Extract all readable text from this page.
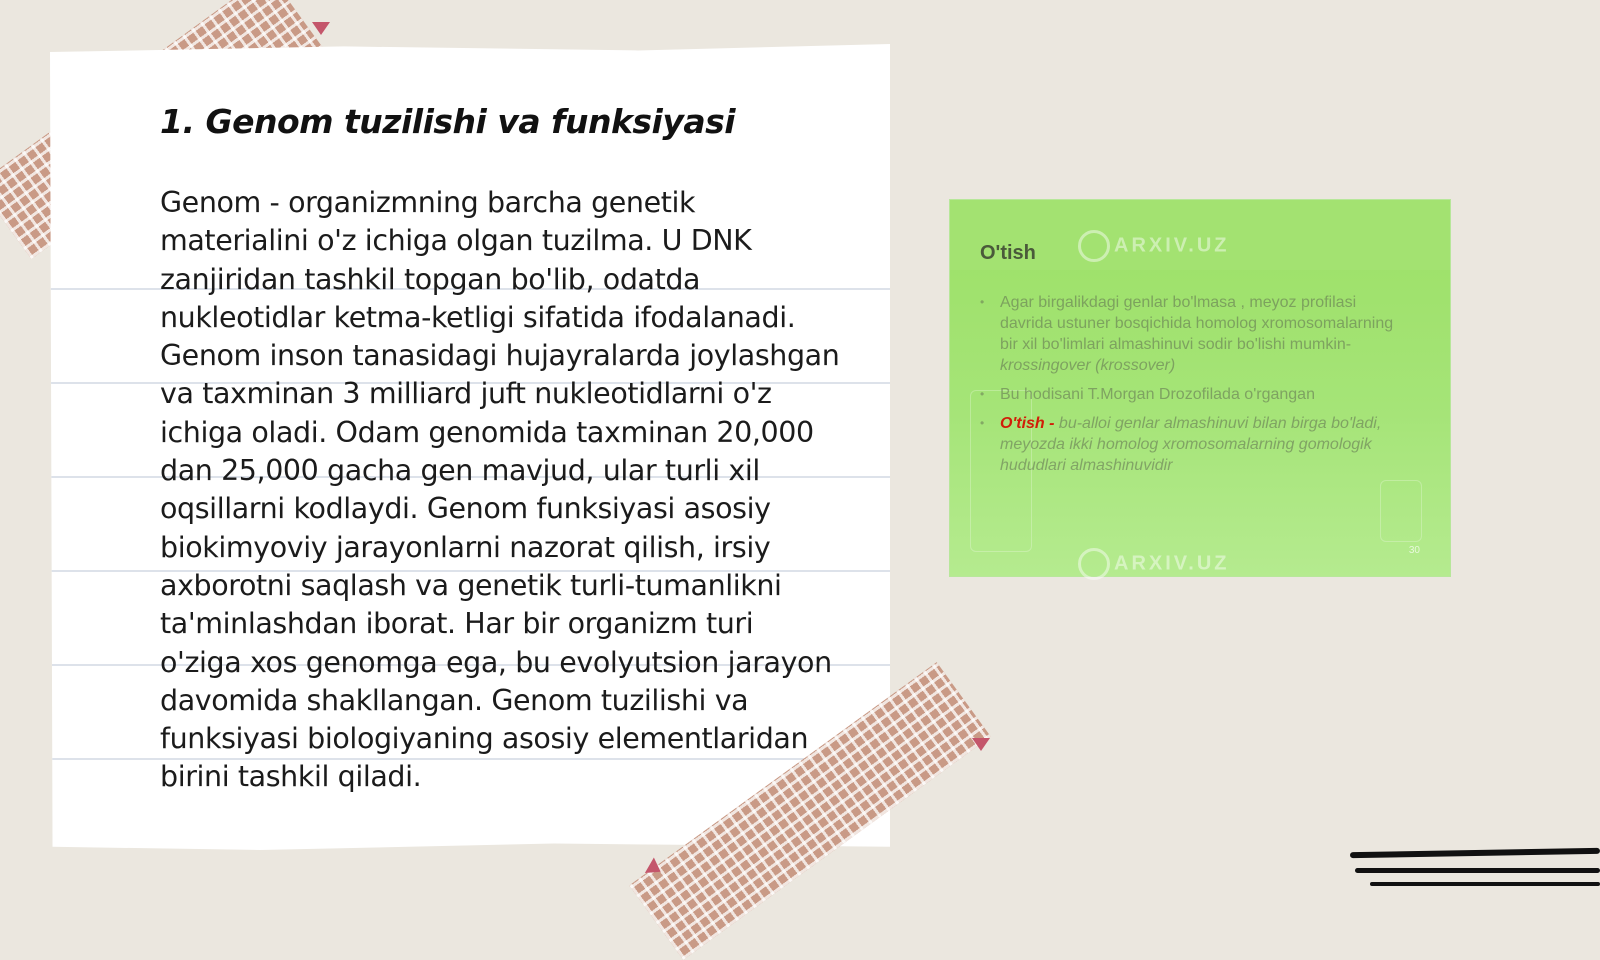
1. Genom tuzilishi va funksiyasi

Genom - organizmning barcha genetik materialini o'z ichiga olgan tuzilma. U DNK zanjiridan tashkil topgan bo'lib, odatda nukleotidlar ketma-ketligi sifatida ifodalanadi. Genom inson tanasidagi hujayralarda joylashgan va taxminan 3 milliard juft nukleotidlarni o'z ichiga oladi. Odam genomida taxminan 20,000 dan 25,000 gacha gen mavjud, ular turli xil oqsillarni kodlaydi. Genom funksiyasi asosiy biokimyoviy jarayonlarni nazorat qilish, irsiy axborotni saqlash va genetik turli-tumanlikni ta'minlashdan iborat. Har bir organizm turi o'ziga xos genomga ega, bu evolyutsion jarayon davomida shakllangan. Genom tuzilishi va funksiyasi biologiyaning asosiy elementlaridan birini tashkil qiladi.

O'tish	ARXIV.UZ
• Agar birgalikdagi genlar bo'lmasa , meyoz profilasi davrida ustuner bosqichida homolog xromosomalarning bir xil bo'limlari almashinuvi sodir bo'lishi mumkin- krossingover (krossover)
• Bu hodisani T.Morgan Drozofilada o'rgangan
• O'tish - bu-alloi genlar almashinuvi bilan birga bo'ladi, meyozda ikki homolog xromosomalarning gomologik hududlari almashinuvidir
ARXIV.UZ
30
